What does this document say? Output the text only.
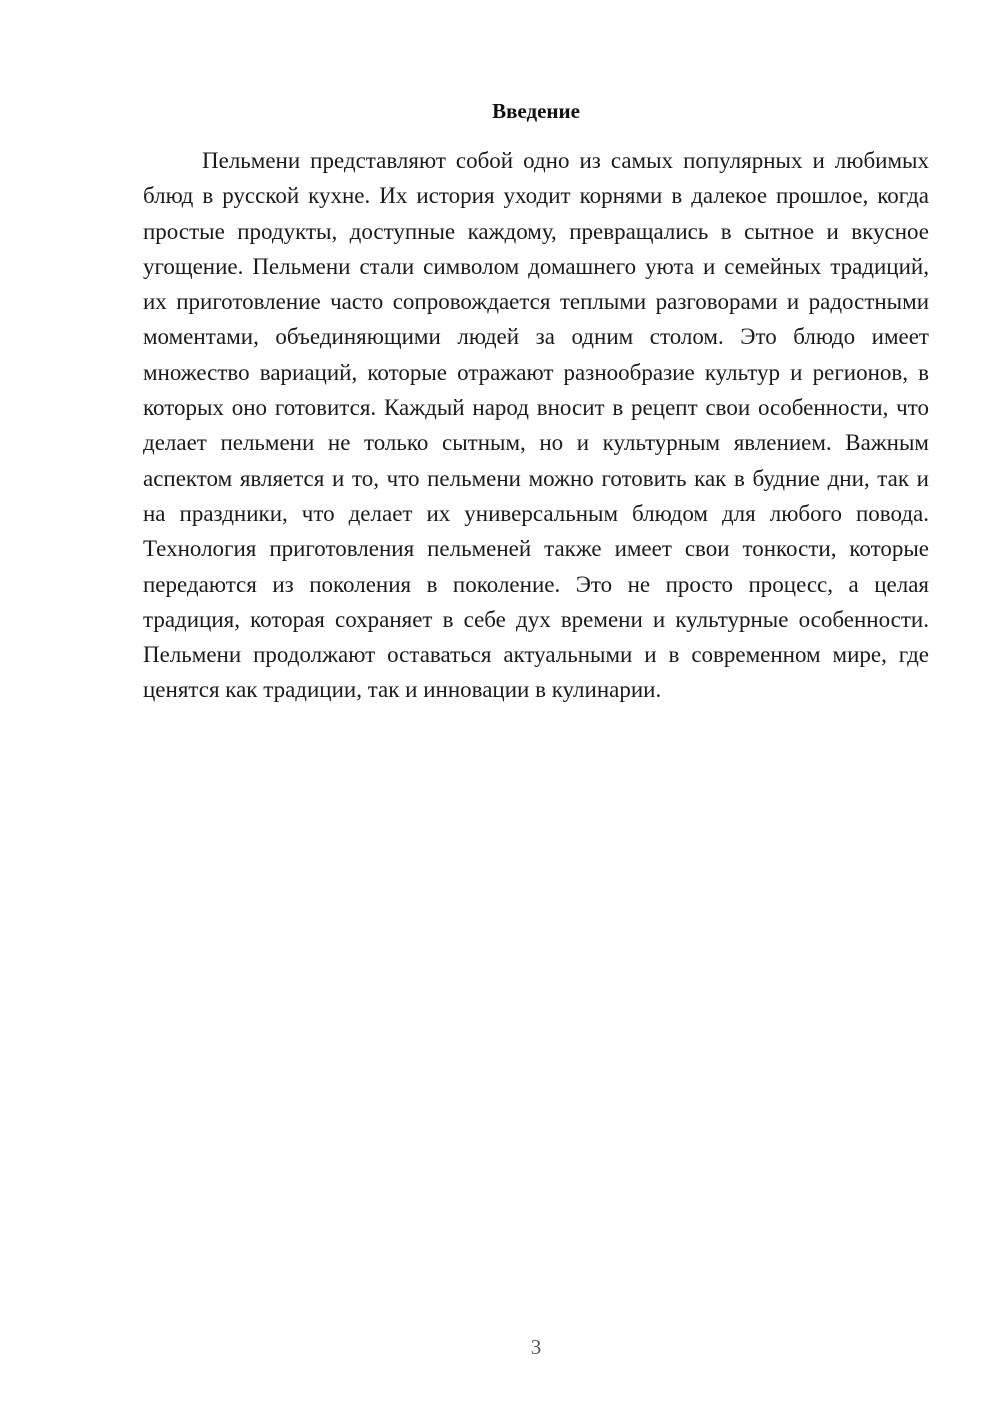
Введение

Пельмени представляют собой одно из самых популярных и любимых блюд в русской кухне. Их история уходит корнями в далекое прошлое, когда простые продукты, доступные каждому, превращались в сытное и вкусное угощение. Пельмени стали символом домашнего уюта и семейных традиций, их приготовление часто сопровождается теплыми разговорами и радостными моментами, объединяющими людей за одним столом. Это блюдо имеет множество вариаций, которые отражают разнообразие культур и регионов, в которых оно готовится. Каждый народ вносит в рецепт свои особенности, что делает пельмени не только сытным, но и культурным явлением. Важным аспектом является и то, что пельмени можно готовить как в будние дни, так и на праздники, что делает их универсальным блюдом для любого повода. Технология приготовления пельменей также имеет свои тонкости, которые передаются из поколения в поколение. Это не просто процесс, а целая традиция, которая сохраняет в себе дух времени и культурные особенности. Пельмени продолжают оставаться актуальными и в современном мире, где ценятся как традиции, так и инновации в кулинарии.

3
